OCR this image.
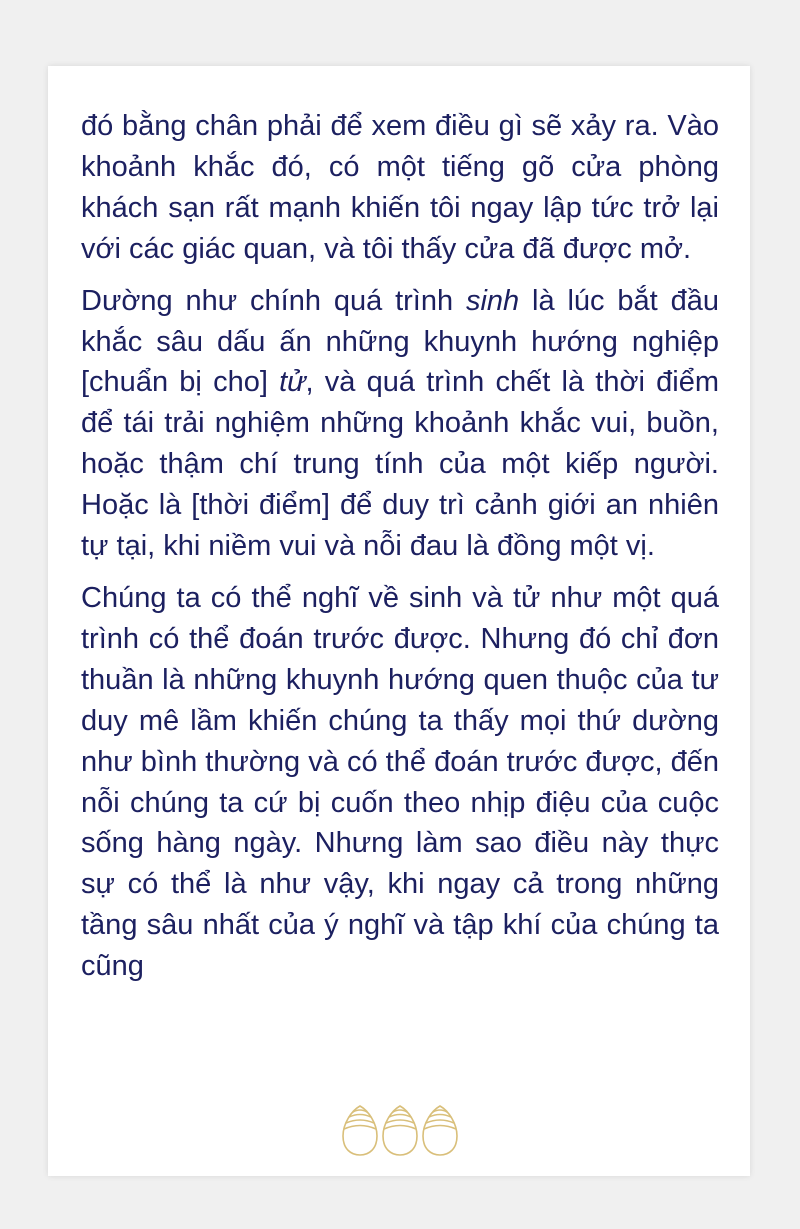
đó bằng chân phải để xem điều gì sẽ xảy ra. Vào khoảnh khắc đó, có một tiếng gõ cửa phòng khách sạn rất mạnh khiến tôi ngay lập tức trở lại với các giác quan, và tôi thấy cửa đã được mở.

Dường như chính quá trình sinh là lúc bắt đầu khắc sâu dấu ấn những khuynh hướng nghiệp [chuẩn bị cho] tử, và quá trình chết là thời điểm để tái trải nghiệm những khoảnh khắc vui, buồn, hoặc thậm chí trung tính của một kiếp người. Hoặc là [thời điểm] để duy trì cảnh giới an nhiên tự tại, khi niềm vui và nỗi đau là đồng một vị.

Chúng ta có thể nghĩ về sinh và tử như một quá trình có thể đoán trước được. Nhưng đó chỉ đơn thuần là những khuynh hướng quen thuộc của tư duy mê lầm khiến chúng ta thấy mọi thứ dường như bình thường và có thể đoán trước được, đến nỗi chúng ta cứ bị cuốn theo nhịp điệu của cuộc sống hàng ngày. Nhưng làm sao điều này thực sự có thể là như vậy, khi ngay cả trong những tầng sâu nhất của ý nghĩ và tập khí của chúng ta cũng
